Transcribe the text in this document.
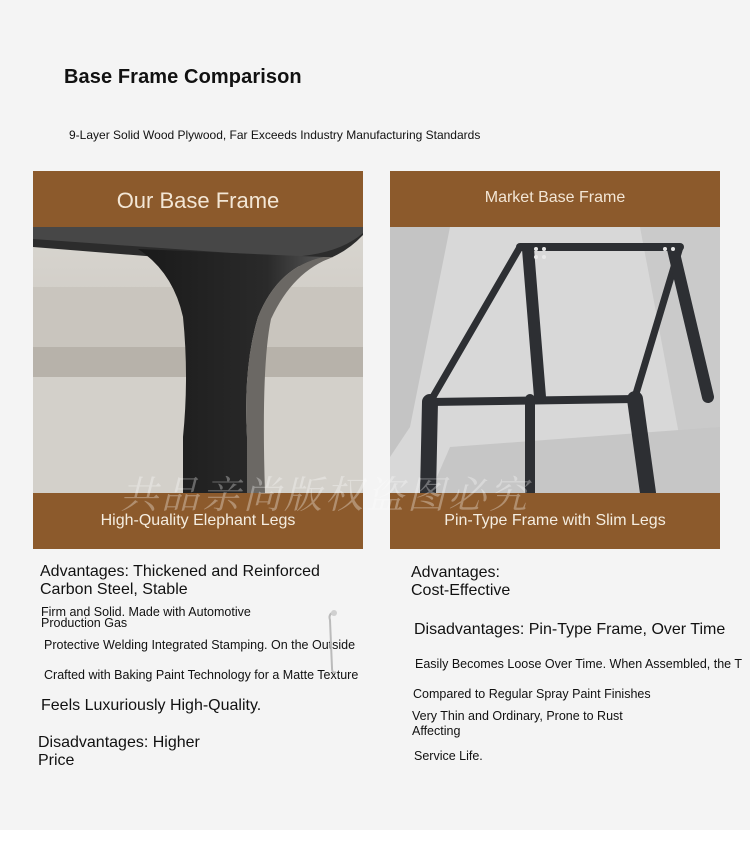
Base Frame Comparison
9-Layer Solid Wood Plywood, Far Exceeds Industry Manufacturing Standards
Our Base Frame
High-Quality Elephant Legs
Market Base Frame
Pin-Type Frame with Slim Legs
共品亲尚版权盗图必究
Advantages: Thickened and Reinforced
Carbon Steel, Stable
Firm and Solid. Made with Automotive
Production Gas
Protective Welding Integrated Stamping. On the Outside
Crafted with Baking Paint Technology for a Matte Texture
Feels Luxuriously High-Quality.
Disadvantages: Higher
Price
Advantages:
Cost-Effective
Disadvantages: Pin-Type Frame, Over Time
Easily Becomes Loose Over Time. When Assembled, the T
Compared to Regular Spray Paint Finishes
Very Thin and Ordinary, Prone to Rust
Affecting
Service Life.
